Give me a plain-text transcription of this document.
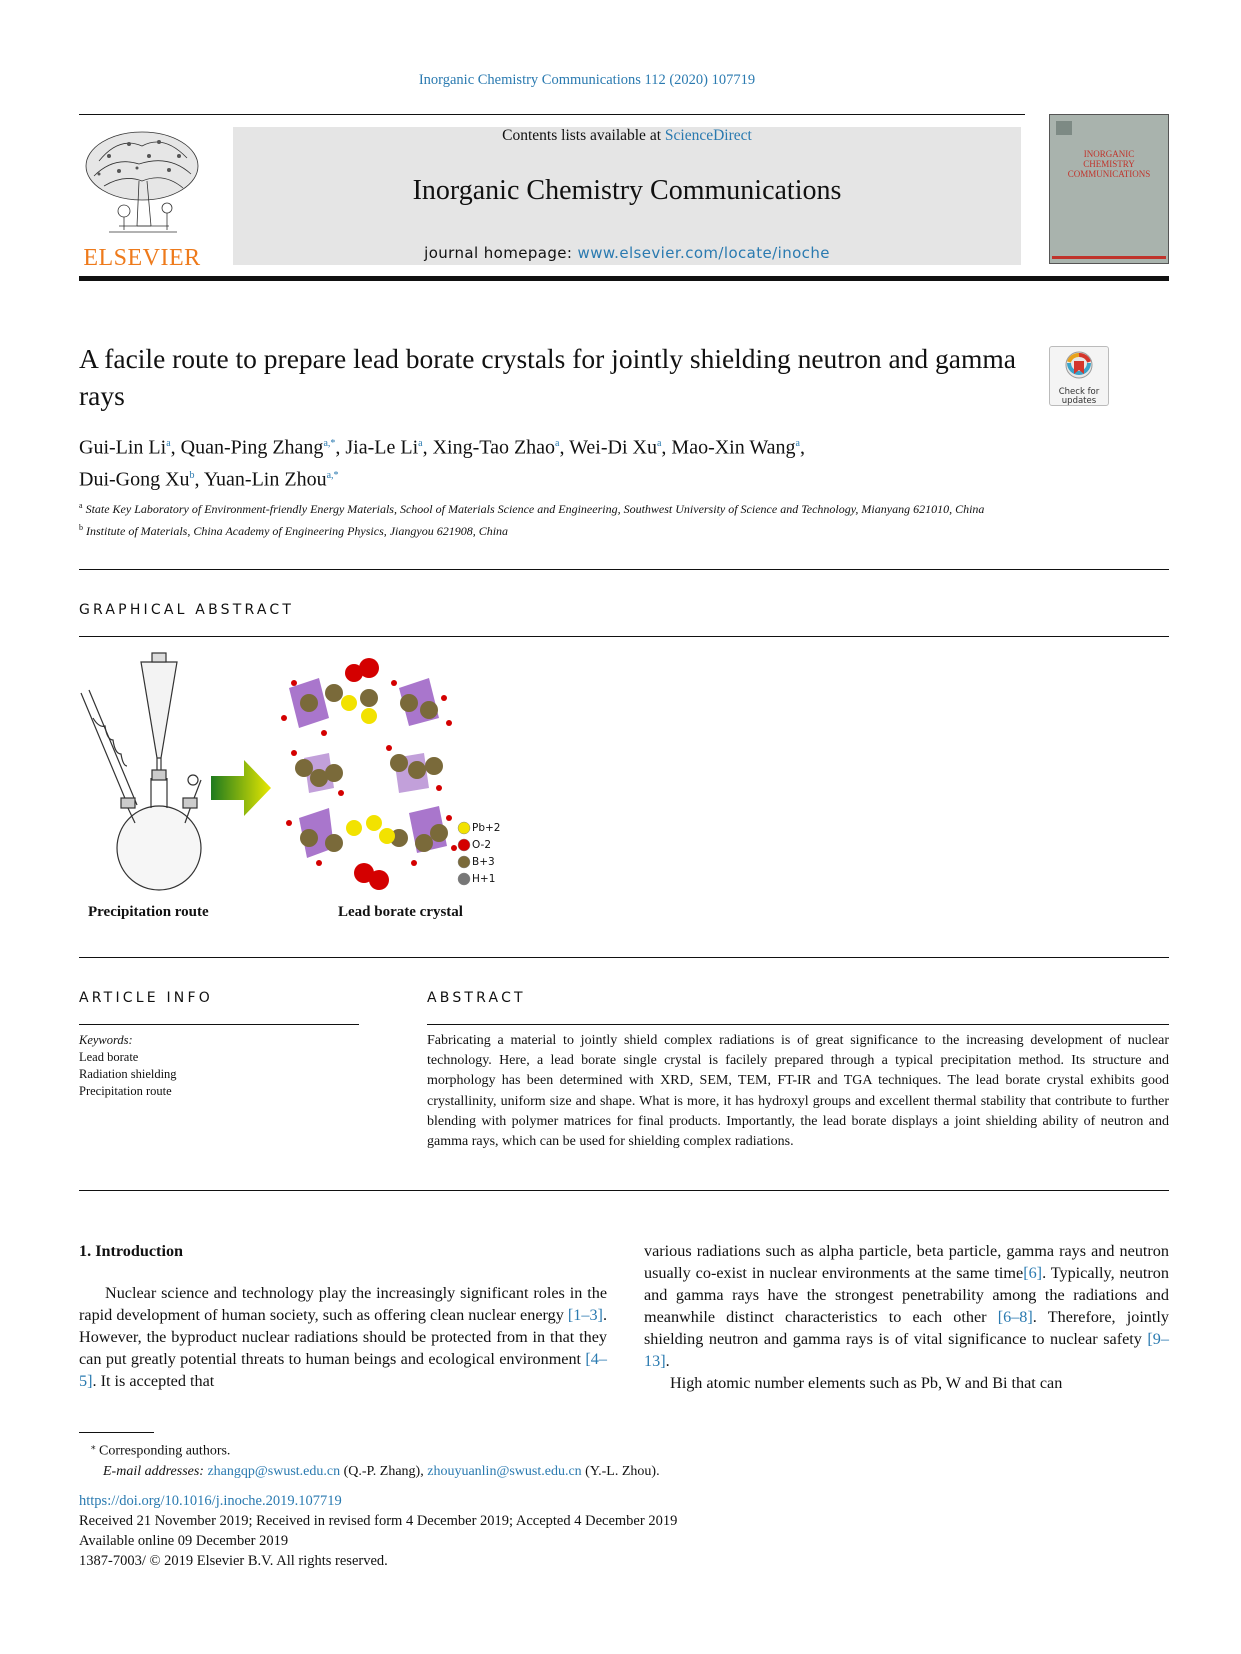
Inorganic Chemistry Communications 112 (2020) 107719
ELSEVIER
Contents lists available at ScienceDirect
Inorganic Chemistry Communications
journal homepage: www.elsevier.com/locate/inoche
INORGANIC
CHEMISTRY
COMMUNICATIONS
A facile route to prepare lead borate crystals for jointly shielding neutron and gamma rays	Check for updates
Gui-Lin Li$^a$, Quan-Ping Zhang$^{a,*}$, Jia-Le Li$^a$, Xing-Tao Zhao$^a$, Wei-Di Xu$^a$, Mao-Xin Wang$^a$,
Dui-Gong Xu$^b$, Yuan-Lin Zhou$^{a,*}$
$^a$ State Key Laboratory of Environment-friendly Energy Materials, School of Materials Science and Engineering, Southwest University of Science and Technology, Mianyang 621010, China
$^b$ Institute of Materials, China Academy of Engineering Physics, Jiangyou 621908, China
GRAPHICAL ABSTRACT
Pb+2
O-2
B+3
H+1
Precipitation route	Lead borate crystal
ARTICLE INFO
Keywords:
Lead borate
Radiation shielding
Precipitation route
ABSTRACT
Fabricating a material to jointly shield complex radiations is of great significance to the increasing development of nuclear technology. Here, a lead borate single crystal is facilely prepared through a typical precipitation method. Its structure and morphology has been determined with XRD, SEM, TEM, FT-IR and TGA techniques. The lead borate crystal exhibits good crystallinity, uniform size and shape. What is more, it has hydroxyl groups and excellent thermal stability that contribute to further blending with polymer matrices for final products. Importantly, the lead borate displays a joint shielding ability of neutron and gamma rays, which can be used for shielding complex radiations.
1. Introduction

Nuclear science and technology play the increasingly significant roles in the rapid development of human society, such as offering clean nuclear energy [1–3]. However, the byproduct nuclear radiations should be protected from in that they can put greatly potential threats to human beings and ecological environment [4–5]. It is accepted that

various radiations such as alpha particle, beta particle, gamma rays and neutron usually co-exist in nuclear environments at the same time[6]. Typically, neutron and gamma rays have the strongest penetrability among the radiations and meanwhile distinct characteristics to each other [6–8]. Therefore, jointly shielding neutron and gamma rays is of vital significance to nuclear safety [9–13].

High atomic number elements such as Pb, W and Bi that can

⁎ Corresponding authors.
E-mail addresses: zhangqp@swust.edu.cn (Q.-P. Zhang), zhouyuanlin@swust.edu.cn (Y.-L. Zhou).
https://doi.org/10.1016/j.inoche.2019.107719
Received 21 November 2019; Received in revised form 4 December 2019; Accepted 4 December 2019
Available online 09 December 2019
1387-7003/ © 2019 Elsevier B.V. All rights reserved.
